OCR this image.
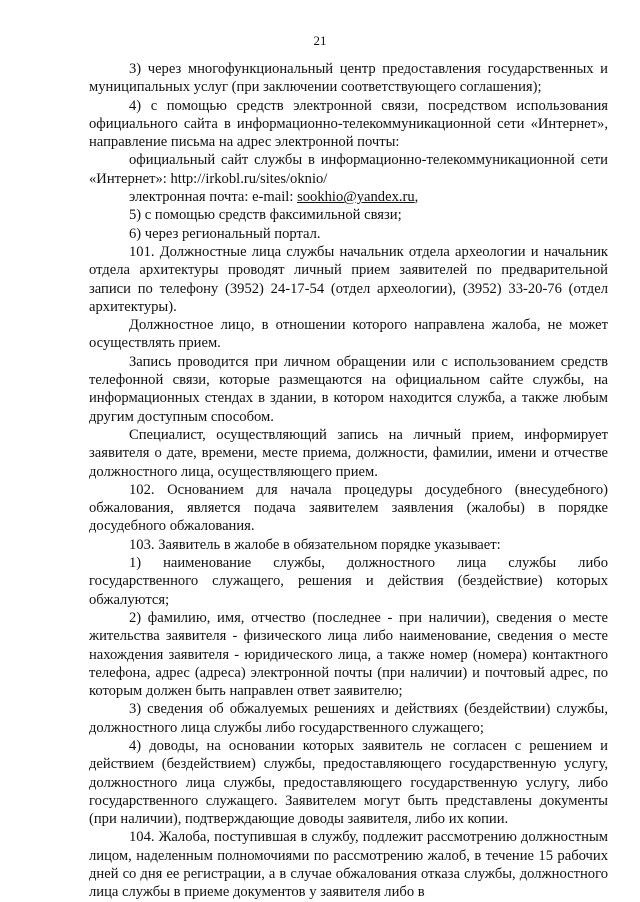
21

3) через многофункциональный центр предоставления государственных и муниципальных услуг (при заключении соответствующего соглашения);

4) с помощью средств электронной связи, посредством использования официального сайта в информационно-телекоммуникационной сети «Интернет», направление письма на адрес электронной почты:

официальный сайт службы в информационно-телекоммуникационной сети «Интернет»: http://irkobl.ru/sites/oknio/

электронная почта: e-mail: sookhio@yandex.ru,

5) с помощью средств факсимильной связи;

6) через региональный портал.

101. Должностные лица службы начальник отдела археологии и начальник отдела архитектуры проводят личный прием заявителей по предварительной записи по телефону (3952) 24-17-54 (отдел археологии), (3952) 33-20-76 (отдел архитектуры).

Должностное лицо, в отношении которого направлена жалоба, не может осуществлять прием.

Запись проводится при личном обращении или с использованием средств телефонной связи, которые размещаются на официальном сайте службы, на информационных стендах в здании, в котором находится служба, а также любым другим доступным способом.

Специалист, осуществляющий запись на личный прием, информирует заявителя о дате, времени, месте приема, должности, фамилии, имени и отчестве должностного лица, осуществляющего прием.

102. Основанием для начала процедуры досудебного (внесудебного) обжалования, является подача заявителем заявления (жалобы) в порядке досудебного обжалования.

103. Заявитель в жалобе в обязательном порядке указывает:

1) наименование службы, должностного лица службы либо государственного служащего, решения и действия (бездействие) которых обжалуются;

2) фамилию, имя, отчество (последнее - при наличии), сведения о месте жительства заявителя - физического лица либо наименование, сведения о месте нахождения заявителя - юридического лица, а также номер (номера) контактного телефона, адрес (адреса) электронной почты (при наличии) и почтовый адрес, по которым должен быть направлен ответ заявителю;

3) сведения об обжалуемых решениях и действиях (бездействии) службы, должностного лица службы либо государственного служащего;

4) доводы, на основании которых заявитель не согласен с решением и действием (бездействием) службы, предоставляющего государственную услугу, должностного лица службы, предоставляющего государственную услугу, либо государственного служащего. Заявителем могут быть представлены документы (при наличии), подтверждающие доводы заявителя, либо их копии.

104. Жалоба, поступившая в службу, подлежит рассмотрению должностным лицом, наделенным полномочиями по рассмотрению жалоб, в течение 15 рабочих дней со дня ее регистрации, а в случае обжалования отказа службы, должностного лица службы в приеме документов у заявителя либо в
